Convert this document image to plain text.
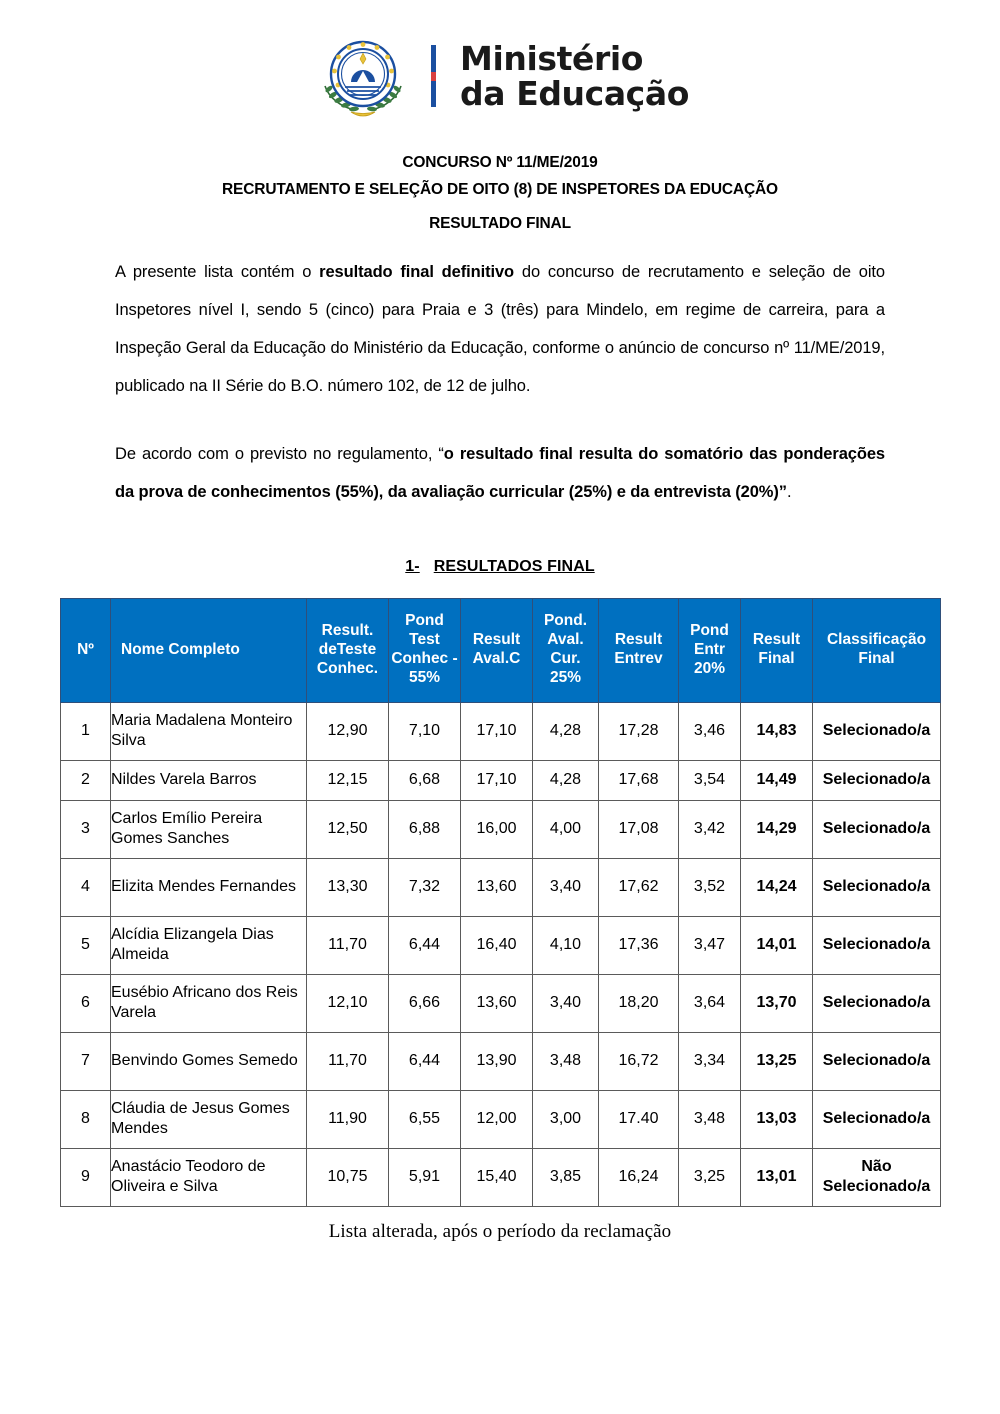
Ministério
da Educação
CONCURSO Nº 11/ME/2019
RECRUTAMENTO E SELEÇÃO DE OITO (8) DE INSPETORES DA EDUCAÇÃO
RESULTADO FINAL

A presente lista contém o resultado final definitivo do concurso de recrutamento e seleção de oito Inspetores nível I, sendo 5 (cinco) para Praia e 3 (três) para Mindelo, em regime de carreira, para a Inspeção Geral da Educação do Ministério da Educação, conforme o anúncio de concurso nº 11/ME/2019, publicado na II Série do B.O. número 102, de 12 de julho.

De acordo com o previsto no regulamento, “o resultado final resulta do somatório das ponderações da prova de conhecimentos (55%), da avaliação curricular (25%) e da entrevista (20%)”.

1- RESULTADOS FINAL
Nº	Nome Completo	Result. deTeste Conhec.	Pond Test Conhec - 55%	Result Aval.C	Pond. Aval. Cur. 25%	Result Entrev	Pond Entr 20%	Result Final	Classificação Final
1	Maria Madalena Monteiro Silva	12,90	7,10	17,10	4,28	17,28	3,46	14,83	Selecionado/a
2	Nildes Varela Barros	12,15	6,68	17,10	4,28	17,68	3,54	14,49	Selecionado/a
3	Carlos Emílio Pereira Gomes Sanches	12,50	6,88	16,00	4,00	17,08	3,42	14,29	Selecionado/a
4	Elizita Mendes Fernandes	13,30	7,32	13,60	3,40	17,62	3,52	14,24	Selecionado/a
5	Alcídia Elizangela Dias Almeida	11,70	6,44	16,40	4,10	17,36	3,47	14,01	Selecionado/a
6	Eusébio Africano dos Reis Varela	12,10	6,66	13,60	3,40	18,20	3,64	13,70	Selecionado/a
7	Benvindo Gomes Semedo	11,70	6,44	13,90	3,48	16,72	3,34	13,25	Selecionado/a
8	Cláudia de Jesus Gomes Mendes	11,90	6,55	12,00	3,00	17.40	3,48	13,03	Selecionado/a
9	Anastácio Teodoro de Oliveira e Silva	10,75	5,91	15,40	3,85	16,24	3,25	13,01	Não Selecionado/a
Lista alterada, após o período da reclamação
